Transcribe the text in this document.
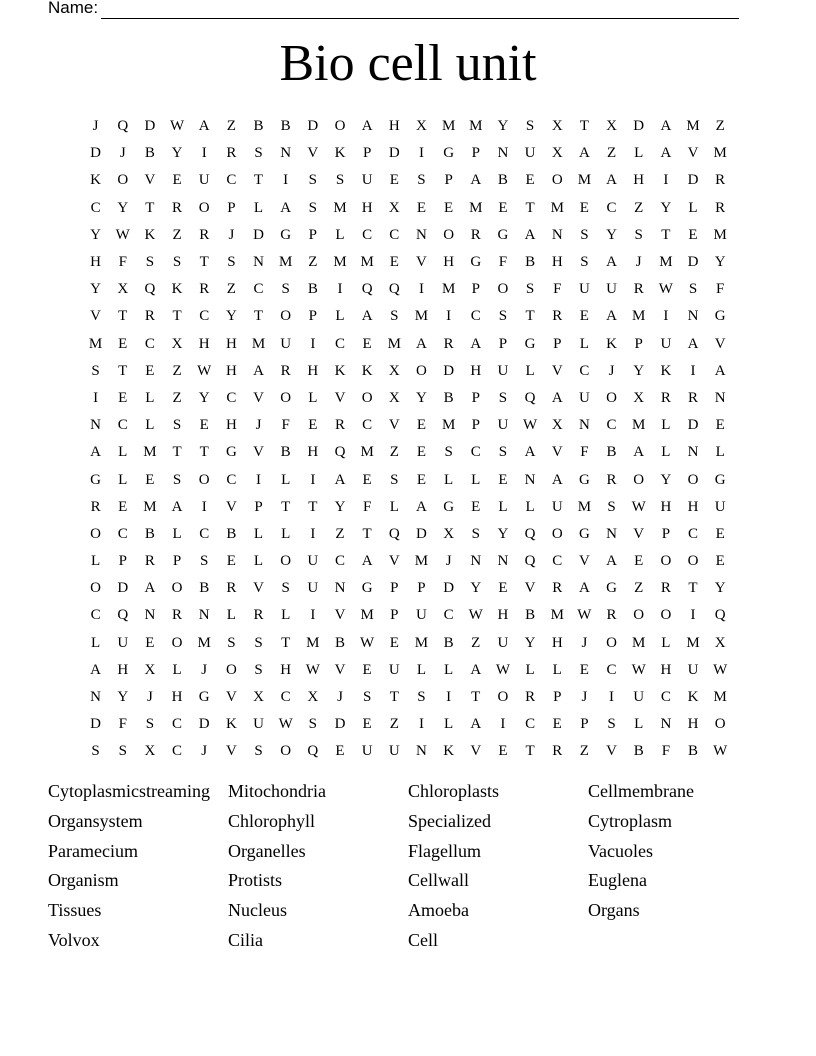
Name:
Bio cell unit
J	Q	D W A	Z	B	B	D	O	A	H	X	M M	Y	S	X	T	X	D	A	M	Z
D	J	B	Y	I	R	S	N	V	K	P	D	I	G	P	N	U	X	A	Z	L	A	V	M
K	O	V	E	U	C	T	I	S	S	U	E	S	P	A	B	E	O	M	A	H	I	D	R
C	Y	T	R	O	P	L	A	S	M	H	X	E	E	M	E	T	M	E	C	Z	Y	L	R
Y W K	Z	R	J	D	G	P	L	C	C	N	O	R	G	A	N	S	Y	S	T	E	M
H	F	S	S	T	S	N	M	Z	M M	E	V	H	G	F	B	H	S	A	J	M	D	Y
Y	X	Q	K	R	Z	C	S	B	I	Q	Q	I	M	P	O	S	F	U	U	R	W	S	F
V	T	R	T	C	Y	T	O	P	L	A	S	M	I	C	S	T	R	E	A	M	I	N	G
M	E	C	X	H	H	M	U	I	C	E	M	A	R	A	P	G	P	L	K	P	U	A	V
S	T	E	Z	W H	A	R	H	K	K	X	O	D	H	U	L	V	C	J	Y	K	I	A
I	E	L	Z	Y	C	V	O	L	V	O	X	Y	B	P	S	Q	A	U	O	X	R	R	N
N	C	L	S	E	H	J	F	E	R	C	V	E	M	P	U W X	N	C	M	L	D	E
A	L	M	T	T	G	V	B	H	Q	M	Z	E	S	C	S	A	V	F	B	A	L	N	L
G	L	E	S	O	C	I	L	I	A	E	S	E	L	L	E	N	A	G	R	O	Y	O	G
R	E	M	A	I	V	P	T	T	Y	F	L	A	G	E	L	L	U	M	S	W H	H	U
O	C	B	L	C	B	L	L	I	Z	T	Q	D	X	S	Y	Q	O	G	N	V	P	C	E
L	P	R	P	S	E	L	O	U	C	A	V	M	J	N	N	Q	C	V	A	E	O	O	E
O	D	A	O	B	R	V	S	U	N	G	P	P	D	Y	E	V	R	A	G	Z	R	T	Y
C	Q	N	R	N	L	R	L	I	V	M	P	U	C	W H	B	M W	R	O	O	I	Q
L	U	E	O	M	S	S	T	M	B	W	E	M	B	Z	U	Y	H	J	O	M	L	M	X
A	H	X	L	J	O	S	H W V	E	U	L	L	A W	L	L	E	C	W H	U W
N	Y	J	H	G	V	X	C	X	J	S	T	S	I	T	O	R	P	J	I	U	C	K	M
D	F	S	C	D	K	U W	S	D	E	Z	I	L	A	I	C	E	P	S	L	N	H	O
S	S	X	C	J	V	S	O	Q	E	U	U	N	K	V	E	T	R	Z	V	B	F	B	W
Cytoplasmicstreaming	Mitochondria	Chloroplasts	Cellmembrane
Organsystem	Chlorophyll	Specialized	Cytroplasm
Paramecium	Organelles	Flagellum	Vacuoles
Organism	Protists	Cellwall	Euglena
Tissues	Nucleus	Amoeba	Organs
Volvox	Cilia	Cell
